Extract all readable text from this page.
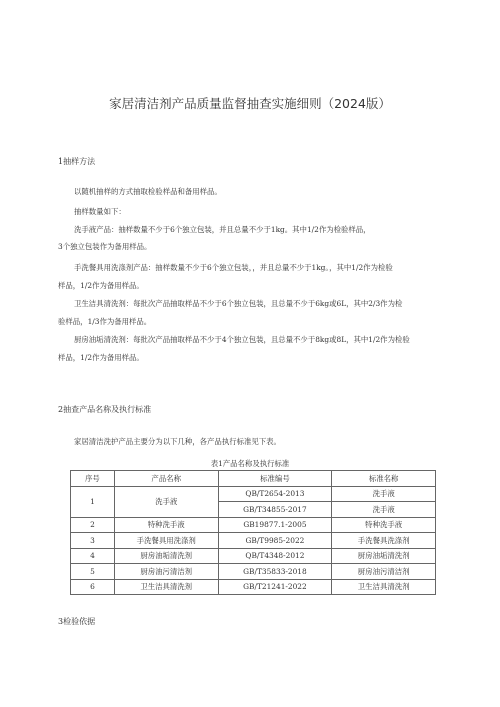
家居清洁剂产品质量监督抽查实施细则（2024版）
1抽样方法
以随机抽样的方式抽取检验样品和备用样品。
抽样数量如下：
洗手液产品：抽样数量不少于6个独立包装，并且总量不少于1kg。其中1/2作为检验样品，
3个独立包装作为备用样品。
手洗餐具用洗涤剂产品：抽样数量不少于6个独立包装，，并且总量不少于1kg。，其中1/2作为检验
样品，1/2作为备用样品。
卫生洁具清洗剂：每批次产品抽取样品不少于6个独立包装，且总量不少于6kg或6L，其中2/3作为检
验样品，1/3作为备用样品。
厨房油垢清洗剂：每批次产品抽取样品不少于4个独立包装，且总量不少于8kg或8L，其中1/2作为检验
样品，1/2作为备用样品。
2抽查产品名称及执行标准
家居清洁洗护产品主要分为以下几种，各产品执行标准见下表。
表1产品名称及执行标准
序号	产品名称	标准编号	标准名称
1	洗手液	QB/T2654-2013	洗手液
		GB/T34855-2017	洗手液
2	特种洗手液	GB19877.1-2005	特种洗手液
3	手洗餐具用洗涤剂	GB/T9985-2022	手洗餐具洗涤剂
4	厨房油垢清洗剂	QB/T4348-2012	厨房油垢清洗剂
5	厨房油污清洁剂	GB/T35833-2018	厨房油污清洁剂
6	卫生洁具清洗剂	GB/T21241-2022	卫生洁具清洗剂
3检验依据
